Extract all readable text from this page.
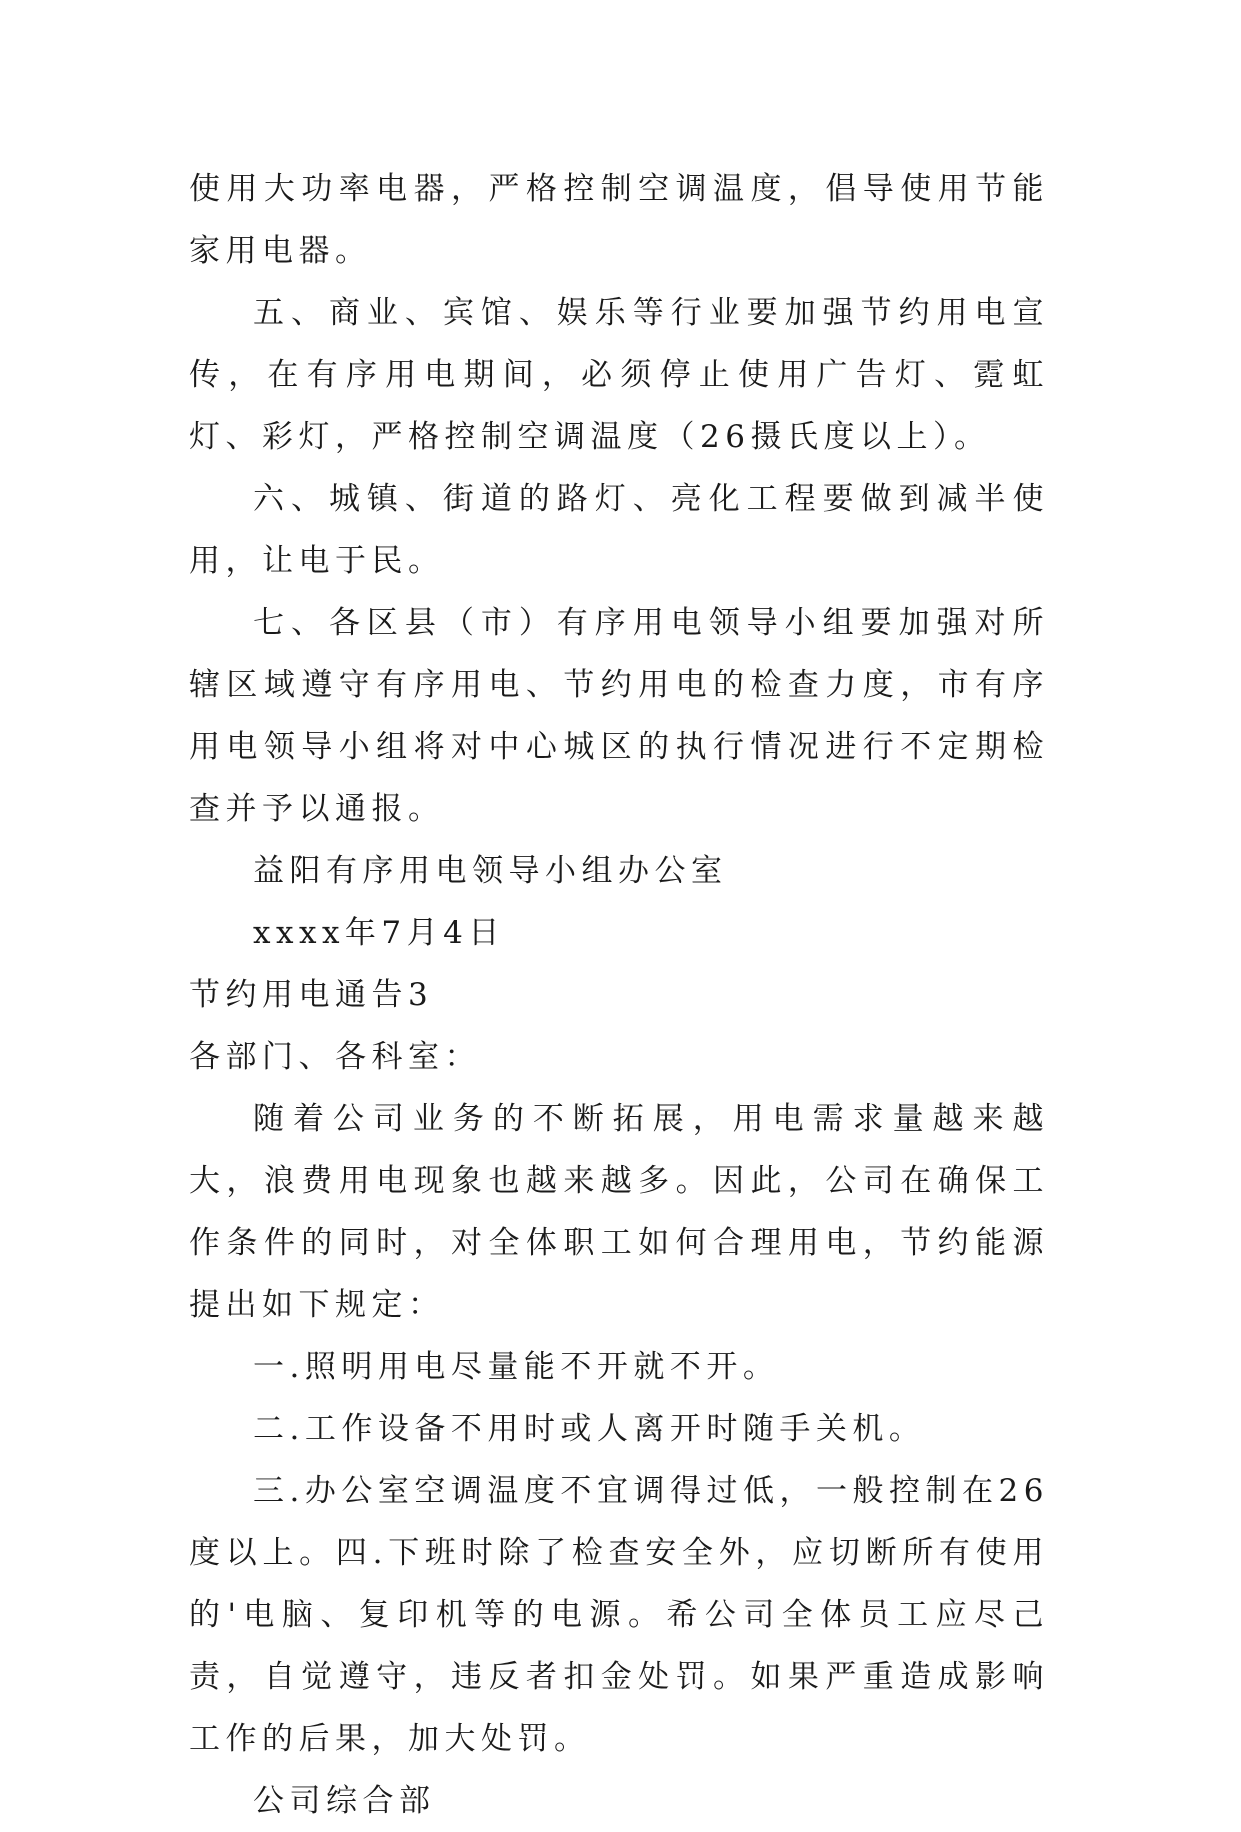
使用大功率电器，严格控制空调温度，倡导使用节能家用电器。

五、商业、宾馆、娱乐等行业要加强节约用电宣传，在有序用电期间，必须停止使用广告灯、霓虹灯、彩灯，严格控制空调温度（26摄氏度以上）。

六、城镇、街道的路灯、亮化工程要做到减半使用，让电于民。

七、各区县（市）有序用电领导小组要加强对所辖区域遵守有序用电、节约用电的检查力度，市有序用电领导小组将对中心城区的执行情况进行不定期检查并予以通报。

益阳有序用电领导小组办公室

xxxx年7月4日

节约用电通告3

各部门、各科室：

随着公司业务的不断拓展，用电需求量越来越大，浪费用电现象也越来越多。因此，公司在确保工作条件的同时，对全体职工如何合理用电，节约能源提出如下规定：

一.照明用电尽量能不开就不开。

二.工作设备不用时或人离开时随手关机。

三.办公室空调温度不宜调得过低，一般控制在26度以上。四.下班时除了检查安全外，应切断所有使用的'电脑、复印机等的电源。希公司全体员工应尽己责，自觉遵守，违反者扣金处罚。如果严重造成影响工作的后果，加大处罚。

公司综合部
